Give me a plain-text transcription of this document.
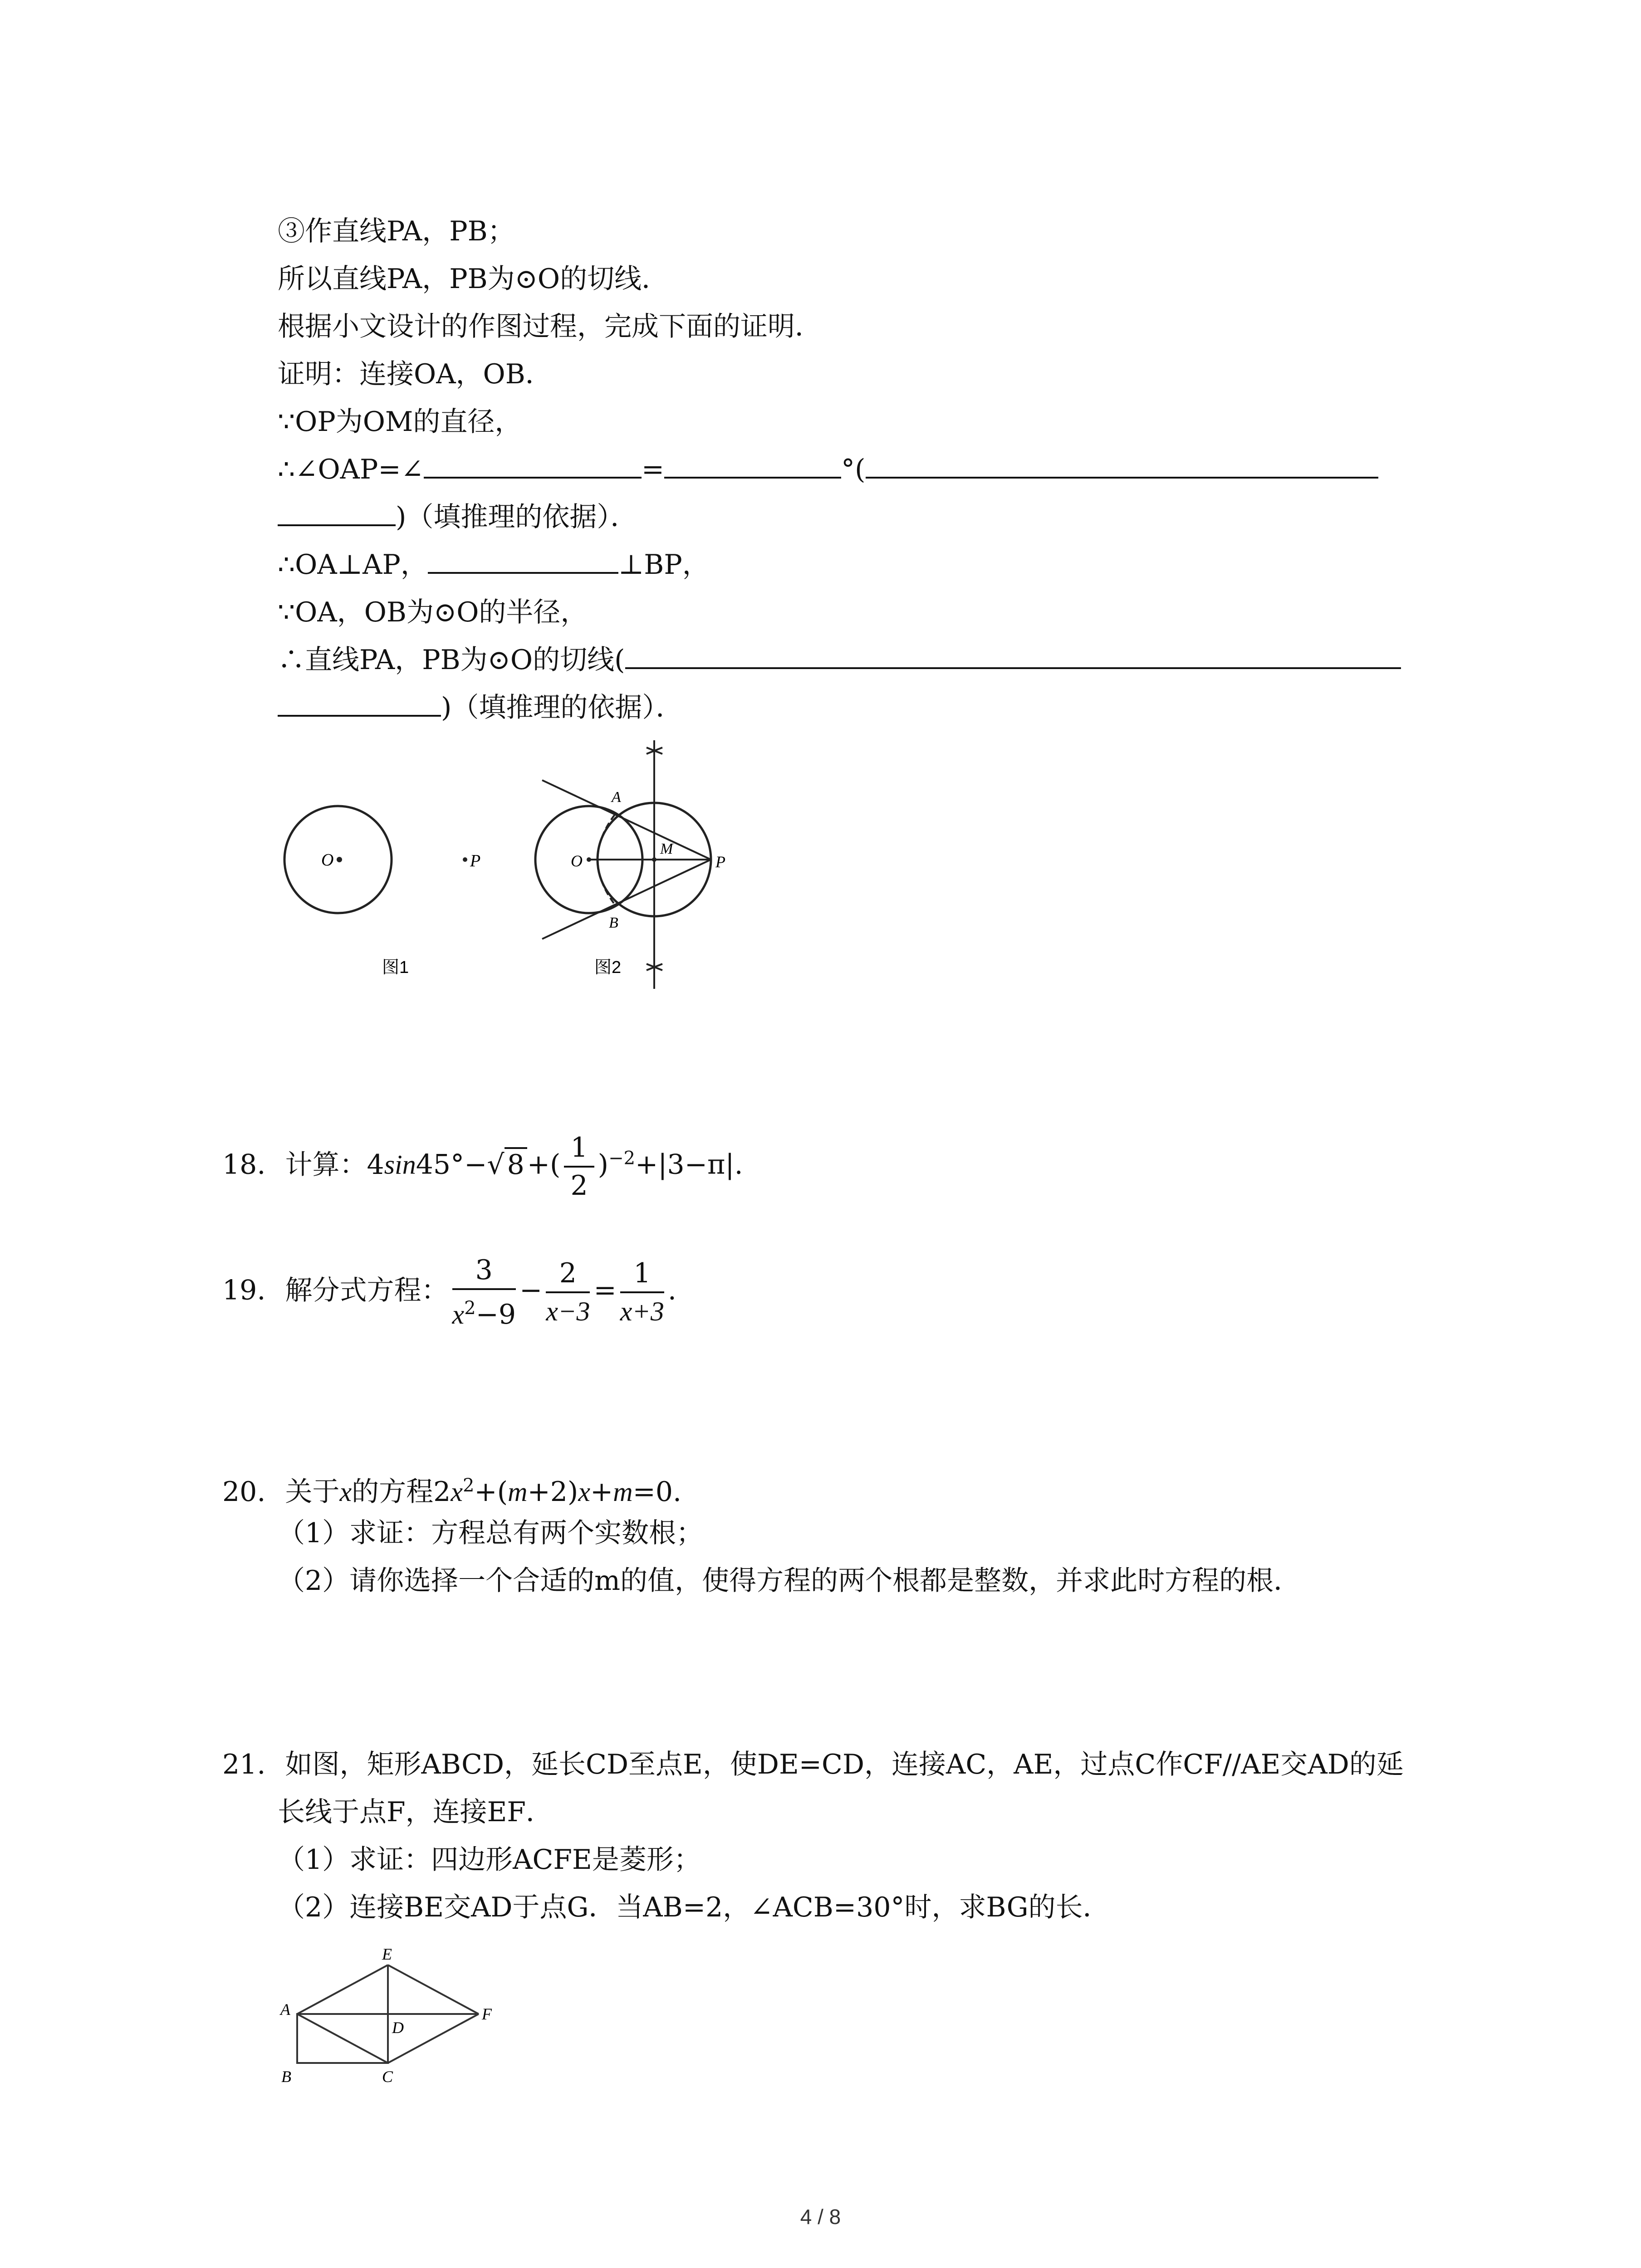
③作直线PA，PB；
所以直线PA，PB为⊙O的切线．
根据小文设计的作图过程，完成下面的证明．
证明：连接OA，OB．
∵OP为OM的直径，
∴∠OAP=∠	=	°(
)（填推理的依据）．
∴OA⊥AP，	⊥BP，
∵OA，OB为⊙O的半径，
∴直线PA，PB为⊙O的切线(
)（填推理的依据）．
O	P
图1
A
B
O
M
P
图2
18. 计算：4sin45°−√ 8 +( $\frac{1}{2} )^{-2}+|3-\pi|$.
19. 解分式方程： $\frac{3}{x^2-9} - \frac{2}{x-3} = \frac{1}{x+3}$ .
20. 关于x的方程$2x^2+(m+2)x+m=0$.
（1）求证：方程总有两个实数根；
（2）请你选择一个合适的m的值，使得方程的两个根都是整数，并求此时方程的根．
21. 如图，矩形ABCD，延长CD至点E，使DE=CD，连接AC，AE，过点C作CF//AE交AD的延
长线于点F，连接EF．
（1）求证：四边形ACFE是菱形；
（2）连接BE交AD于点G．当AB=2，∠ACB=30°时，求BG的长．
E
A	F
D
B	C
4 / 8
